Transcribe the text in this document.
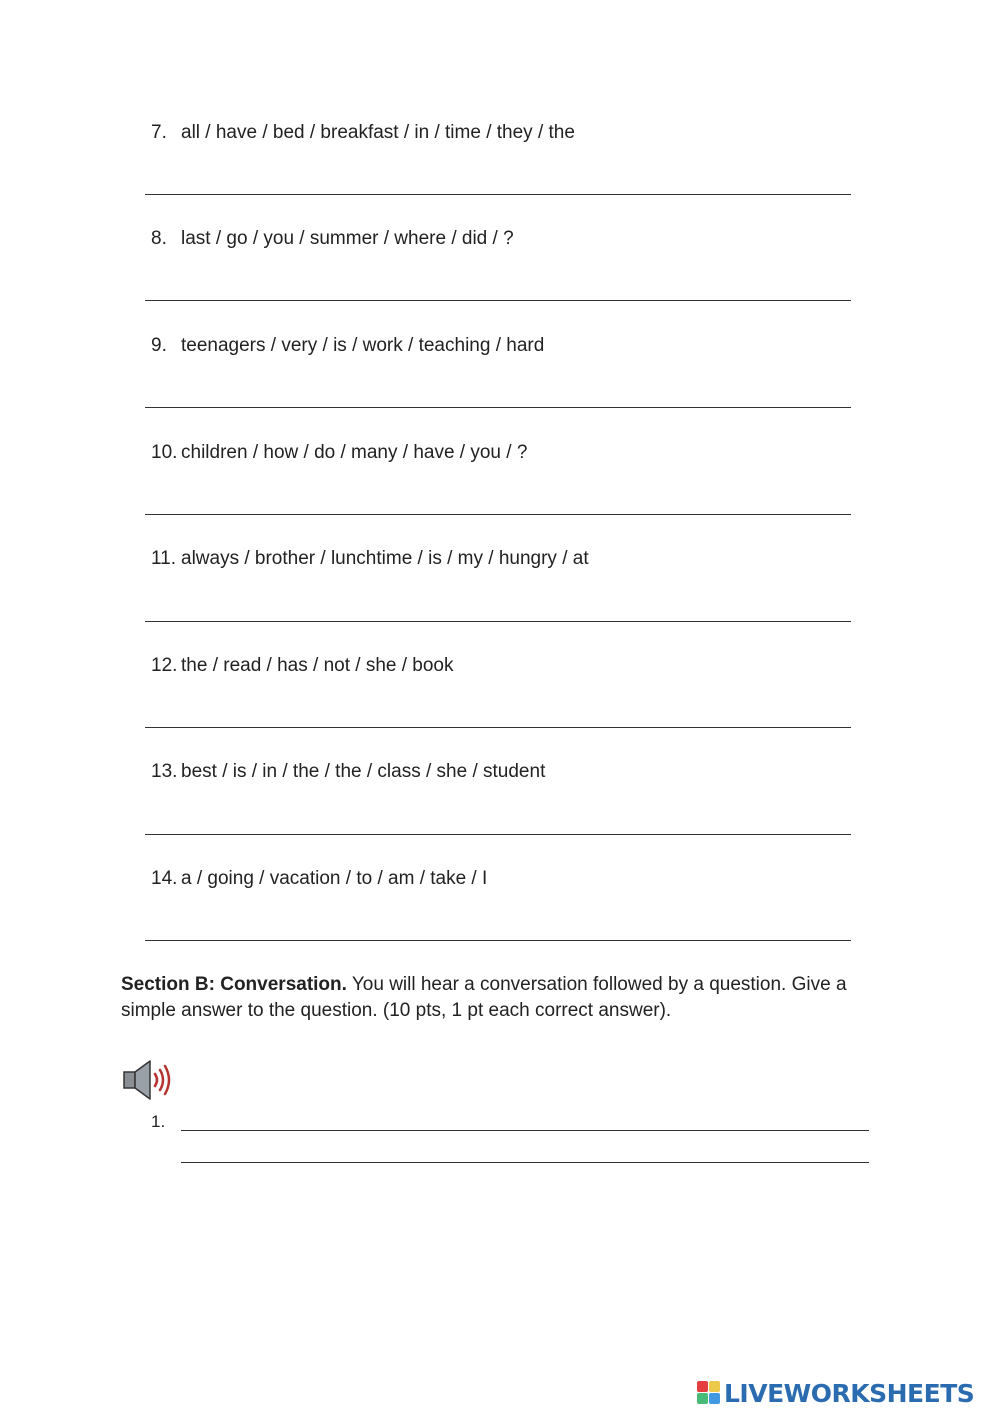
7. all / have / bed / breakfast / in / time / they / the
8. last / go / you / summer / where / did / ?
9. teenagers / very / is / work / teaching / hard
10. children / how / do / many / have / you / ?
11. always / brother / lunchtime / is / my / hungry / at
12. the / read / has / not / she / book
13. best / is / in / the / the / class / she / student
14. a / going / vacation / to / am / take / I
Section B: Conversation. You will hear a conversation followed by a question. Give a simple answer to the question. (10 pts, 1 pt each correct answer).
1.
LIVEWORKSHEETS
